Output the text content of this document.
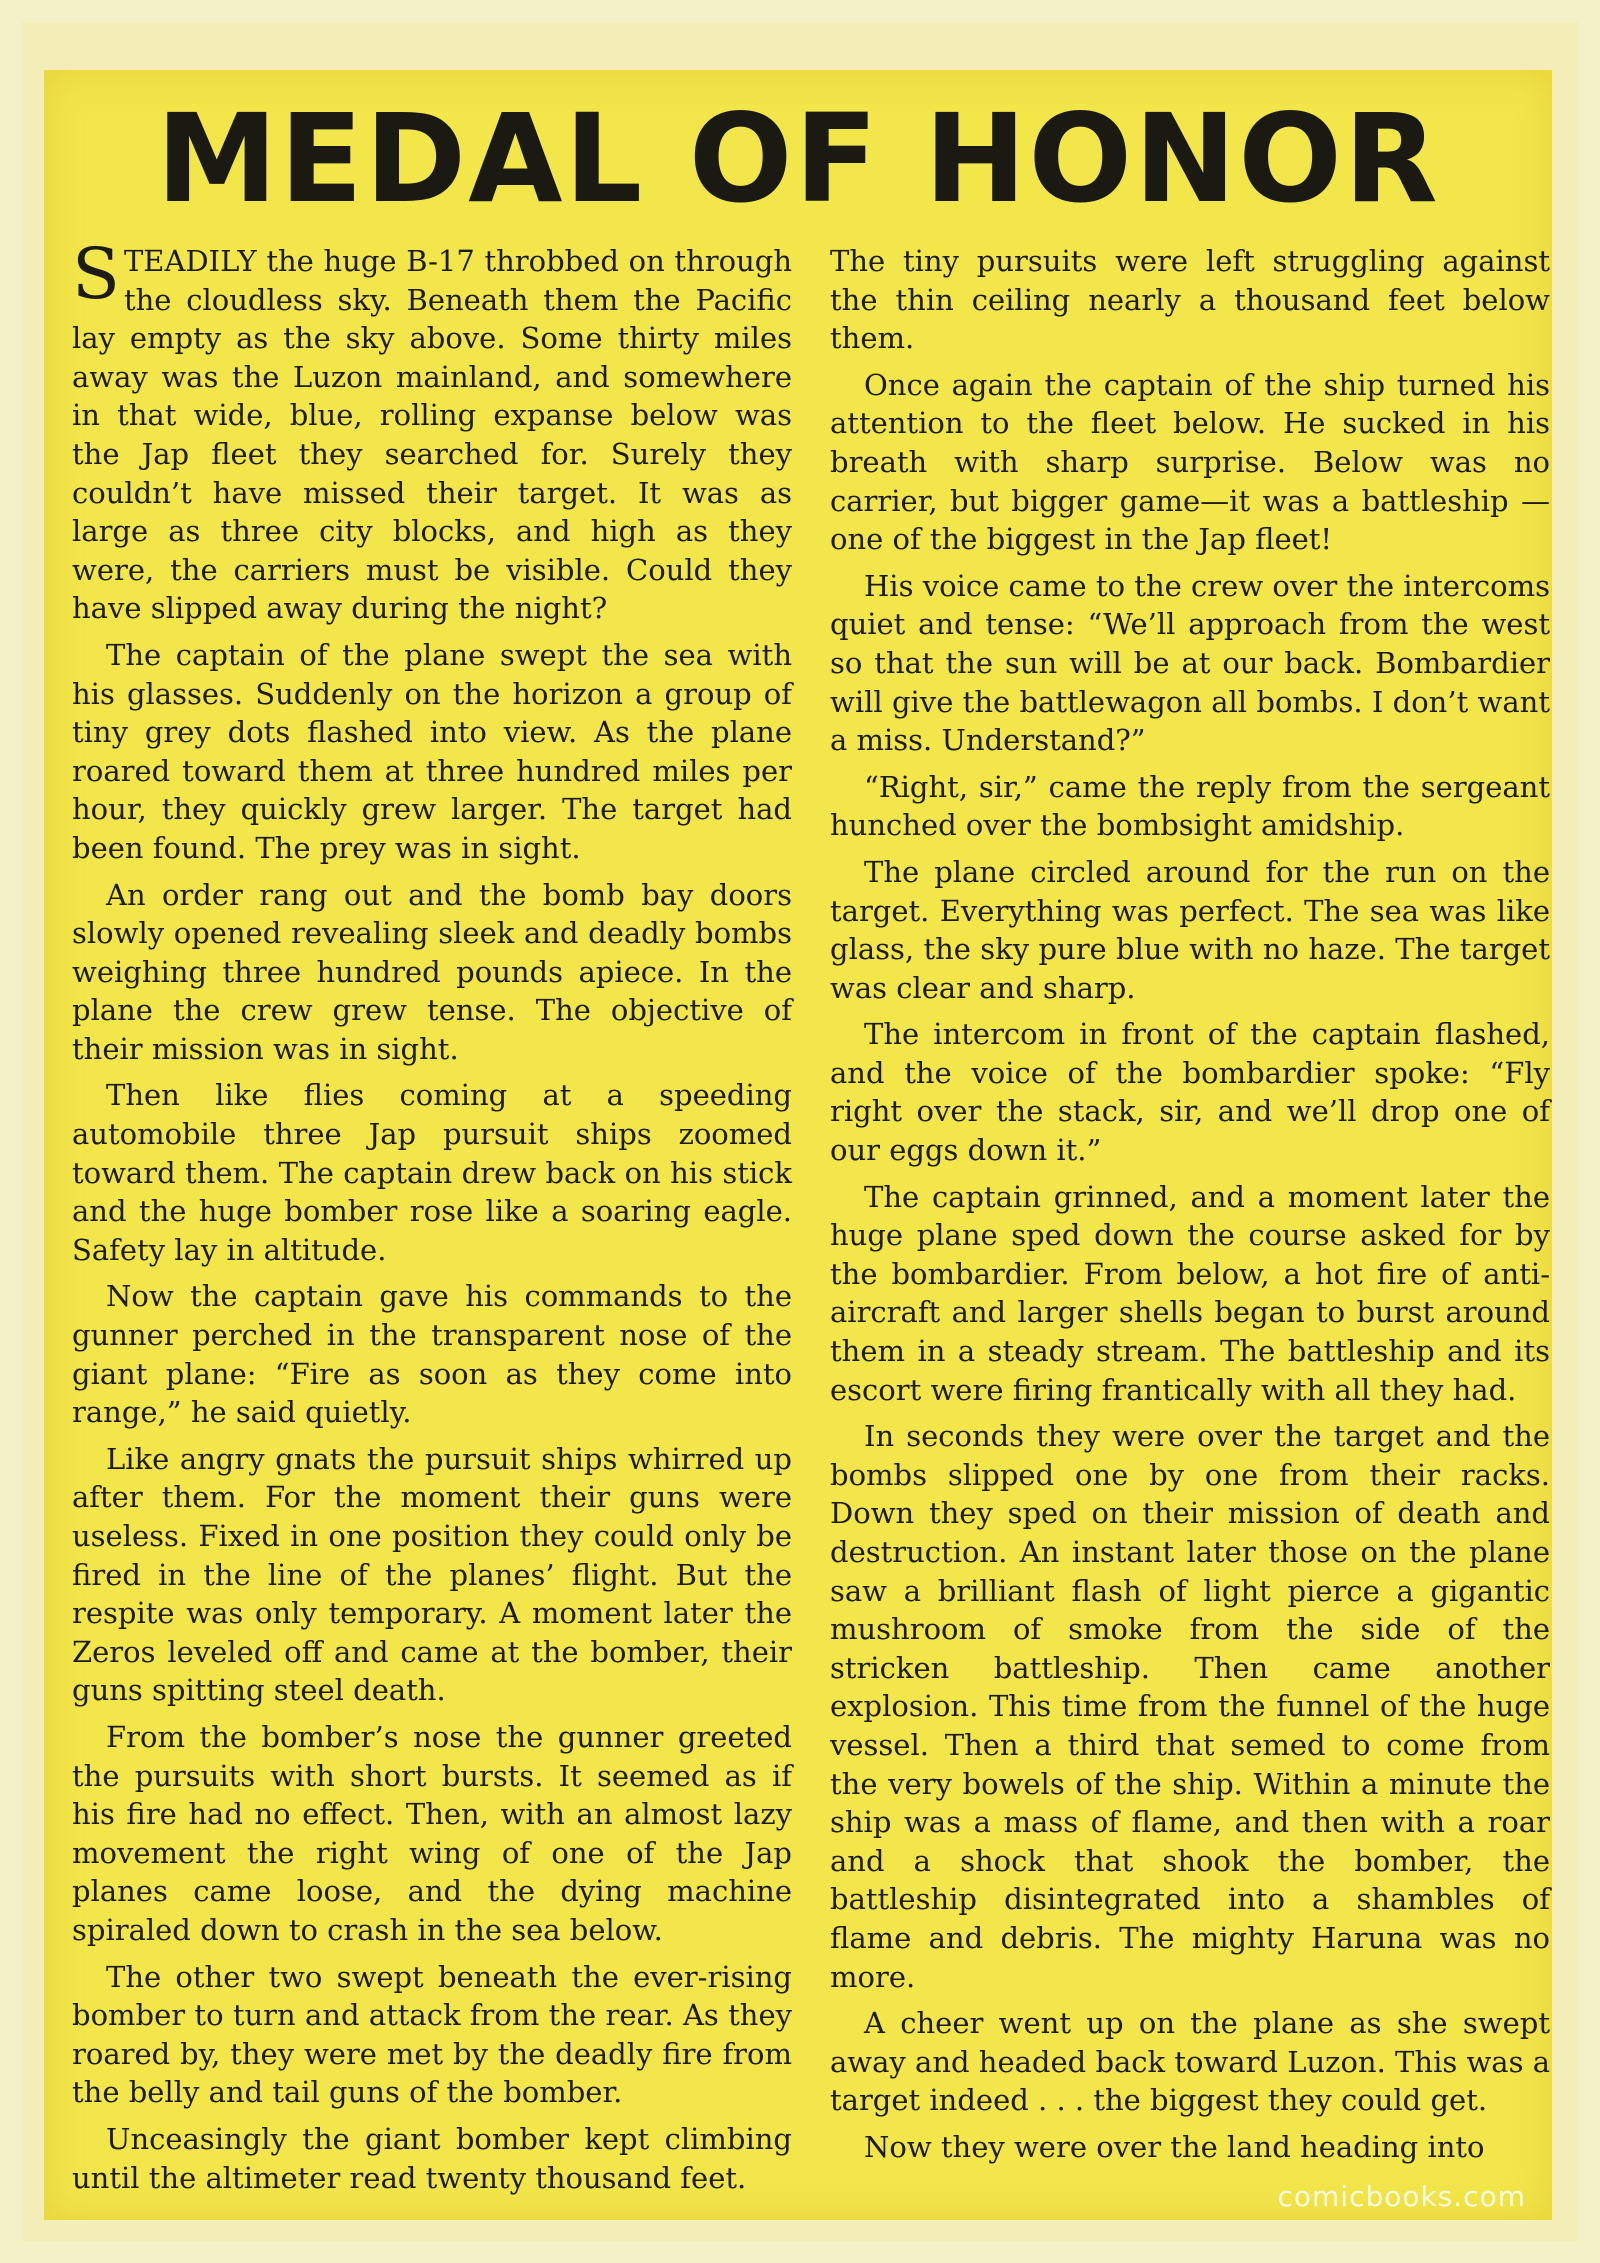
MEDAL OF HONOR

STEADILY the huge B-17 throbbed on through the cloudless sky. Beneath them the Pacific lay empty as the sky above. Some thirty miles away was the Luzon mainland, and somewhere in that wide, blue, rolling expanse below was the Jap fleet they searched for. Surely they couldn’t have missed their target. It was as large as three city blocks, and high as they were, the carriers must be visible. Could they have slipped away during the night?

The captain of the plane swept the sea with his glasses. Suddenly on the horizon a group of tiny grey dots flashed into view. As the plane roared toward them at three hundred miles per hour, they quickly grew larger. The target had been found. The prey was in sight.

An order rang out and the bomb bay doors slowly opened revealing sleek and deadly bombs weighing three hundred pounds apiece. In the plane the crew grew tense. The objective of their mission was in sight.

Then like flies coming at a speeding automobile three Jap pursuit ships zoomed toward them. The captain drew back on his stick and the huge bomber rose like a soaring eagle. Safety lay in altitude.

Now the captain gave his commands to the gunner perched in the transparent nose of the giant plane: “Fire as soon as they come into range,” he said quietly.

Like angry gnats the pursuit ships whirred up after them. For the moment their guns were useless. Fixed in one position they could only be fired in the line of the planes’ flight. But the respite was only temporary. A moment later the Zeros leveled off and came at the bomber, their guns spitting steel death.

From the bomber’s nose the gunner greeted the pursuits with short bursts. It seemed as if his fire had no effect. Then, with an almost lazy movement the right wing of one of the Jap planes came loose, and the dying machine spiraled down to crash in the sea below.

The other two swept beneath the ever-rising bomber to turn and attack from the rear. As they roared by, they were met by the deadly fire from the belly and tail guns of the bomber.

Unceasingly the giant bomber kept climbing until the altimeter read twenty thousand feet.

The tiny pursuits were left struggling against the thin ceiling nearly a thousand feet below them.

Once again the captain of the ship turned his attention to the fleet below. He sucked in his breath with sharp surprise. Below was no carrier, but bigger game—it was a battleship —one of the biggest in the Jap fleet!

His voice came to the crew over the intercoms quiet and tense: “We’ll approach from the west so that the sun will be at our back. Bombardier will give the battlewagon all bombs. I don’t want a miss. Understand?”

“Right, sir,” came the reply from the sergeant hunched over the bombsight amidship.

The plane circled around for the run on the target. Everything was perfect. The sea was like glass, the sky pure blue with no haze. The target was clear and sharp.

The intercom in front of the captain flashed, and the voice of the bombardier spoke: “Fly right over the stack, sir, and we’ll drop one of our eggs down it.”

The captain grinned, and a moment later the huge plane sped down the course asked for by the bombardier. From below, a hot fire of anti-aircraft and larger shells began to burst around them in a steady stream. The battleship and its escort were firing frantically with all they had.

In seconds they were over the target and the bombs slipped one by one from their racks. Down they sped on their mission of death and destruction. An instant later those on the plane saw a brilliant flash of light pierce a gigantic mushroom of smoke from the side of the stricken battleship. Then came another explosion. This time from the funnel of the huge vessel. Then a third that semed to come from the very bowels of the ship. Within a minute the ship was a mass of flame, and then with a roar and a shock that shook the bomber, the battleship disintegrated into a shambles of flame and debris. The mighty Haruna was no more.

A cheer went up on the plane as she swept away and headed back toward Luzon. This was a target indeed . . . the biggest they could get.

Now they were over the land heading into

comicbooks.com
